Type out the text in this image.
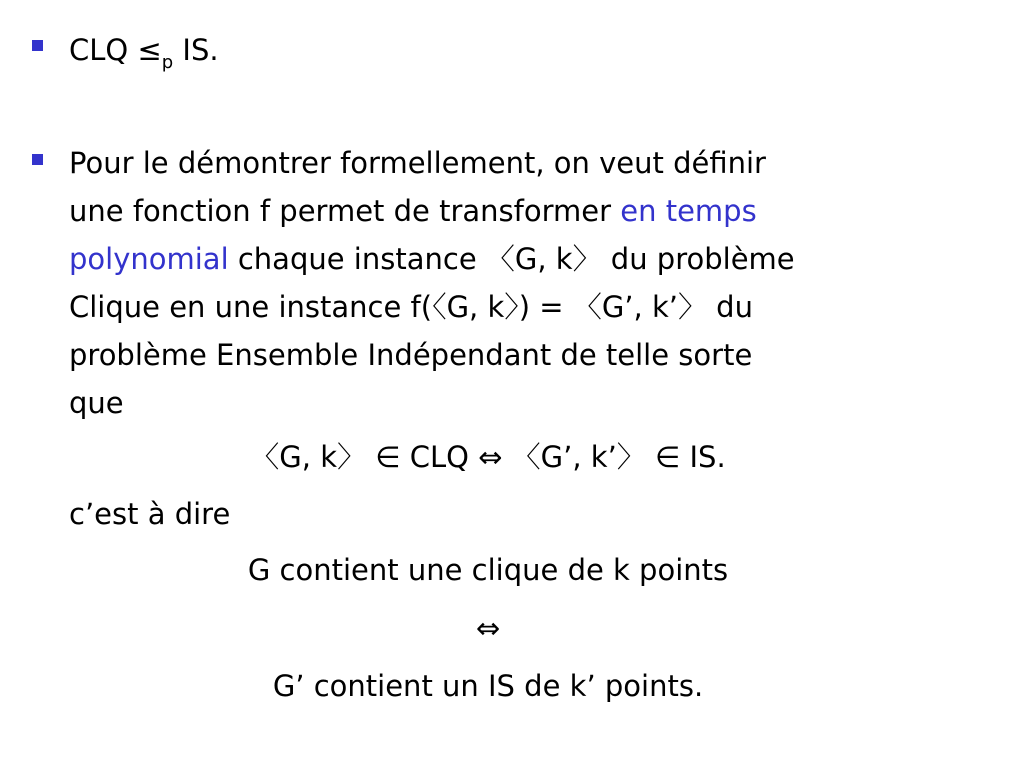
CLQ $\le_p$ IS.
Pour le démontrer formellement, on veut définir
une fonction f permet de transformer en temps
polynomial chaque instance 〈G, k〉 du problème
Clique en une instance f(〈G, k〉) = 〈G’, k’〉 du
problème Ensemble Indépendant de telle sorte
que
〈G, k〉 ∈ CLQ ⇔ 〈G’, k’〉 ∈ IS.
c’est à dire
G contient une clique de k points
⇔
G’ contient un IS de k’ points.
